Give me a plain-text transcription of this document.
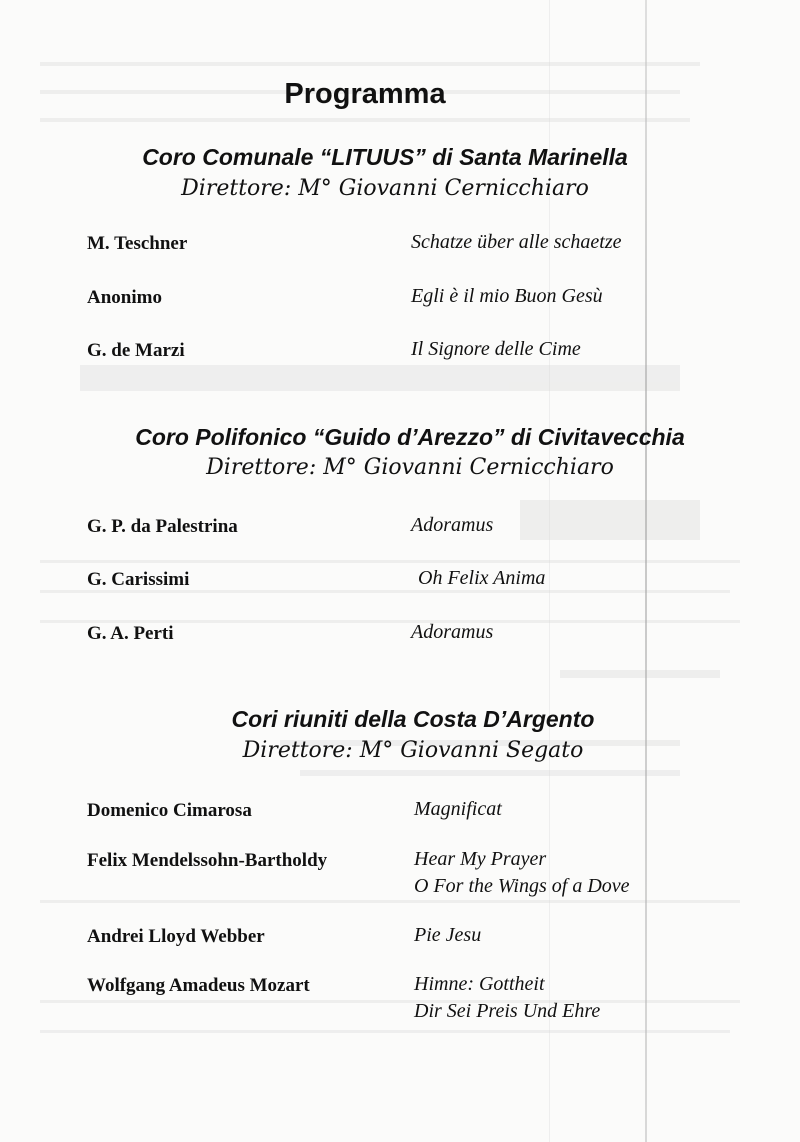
Programma
Coro Comunale “LITUUS” di Santa Marinella
Direttore: M° Giovanni Cernicchiaro
M. Teschner	Schatze über alle schaetze
Anonimo	Egli è il mio Buon Gesù
G. de Marzi	Il Signore delle Cime
Coro Polifonico “Guido d’Arezzo” di Civitavecchia
Direttore: M° Giovanni Cernicchiaro
G. P. da Palestrina	Adoramus
G. Carissimi	Oh Felix Anima
G. A. Perti	Adoramus
Cori riuniti della Costa D’Argento
Direttore: M° Giovanni Segato
Domenico Cimarosa	Magnificat
Felix Mendelssohn-Bartholdy	Hear My Prayer
O For the Wings of a Dove
Andrei Lloyd Webber	Pie Jesu
Wolfgang Amadeus Mozart	Himne: Gottheit
Dir Sei Preis Und Ehre
